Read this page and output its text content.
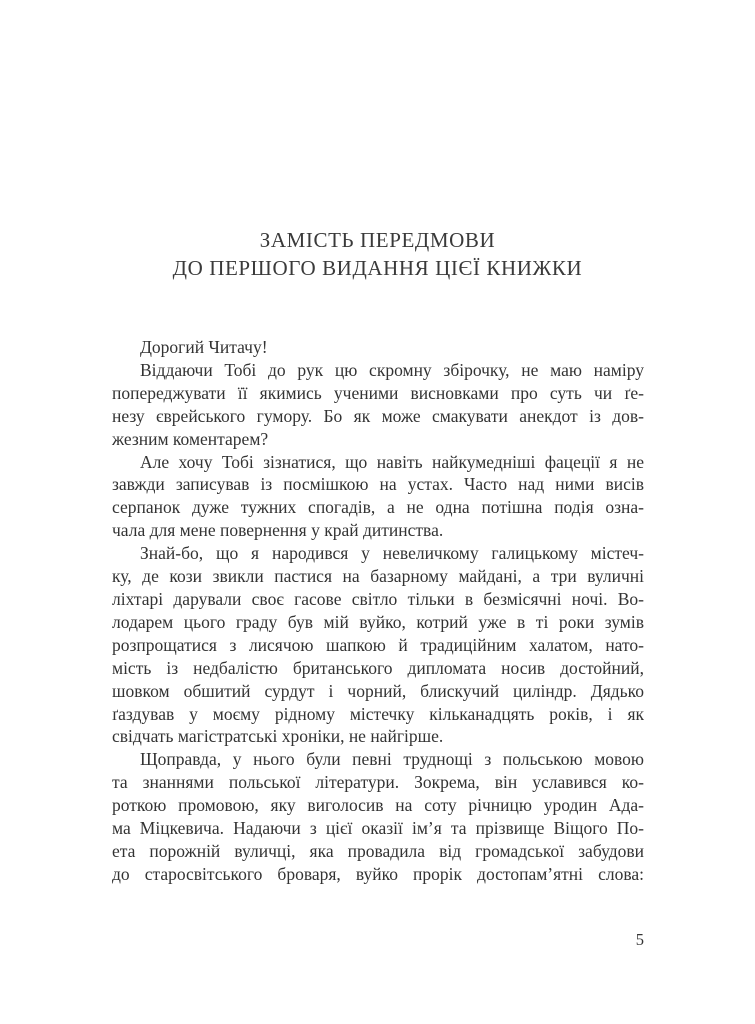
ЗАМІСТЬ ПЕРЕДМОВИ
ДО ПЕРШОГО ВИДАННЯ ЦІЄЇ КНИЖКИ
Дорогий Читачу!
Віддаючи Тобі до рук цю скромну збірочку, не маю наміру
попереджувати її якимись ученими висновками про суть чи ґе-
незу єврейського гумору. Бо як може смакувати анекдот із дов-
жезним коментарем?
Але хочу Тобі зізнатися, що навіть найкумедніші фацеції я не
завжди записував із посмішкою на устах. Часто над ними висів
серпанок дуже тужних спогадів, а не одна потішна подія озна-
чала для мене повернення у край дитинства.
Знай-бо, що я народився у невеличкому галицькому містеч-
ку, де кози звикли пастися на базарному майдані, а три вуличні
ліхтарі дарували своє гасове світло тільки в безмісячні ночі. Во-
лодарем цього граду був мій вуйко, котрий уже в ті роки зумів
розпрощатися з лисячою шапкою й традиційним халатом, нато-
мість із недбалістю британського дипломата носив достойний,
шовком обшитий сурдут і чорний, блискучий циліндр. Дядько
ґаздував у моєму рідному містечку кільканадцять років, і як
свідчать магістратські хроніки, не найгірше.
Щоправда, у нього були певні труднощі з польською мовою
та знаннями польської літератури. Зокрема, він уславився ко-
роткою промовою, яку виголосив на соту річницю уродин Ада-
ма Міцкевича. Надаючи з цієї оказії ім’я та прізвище Віщого По-
ета порожній вуличці, яка провадила від громадської забудови
до старосвітського броваря, вуйко прорік достопам’ятні слова:
5
